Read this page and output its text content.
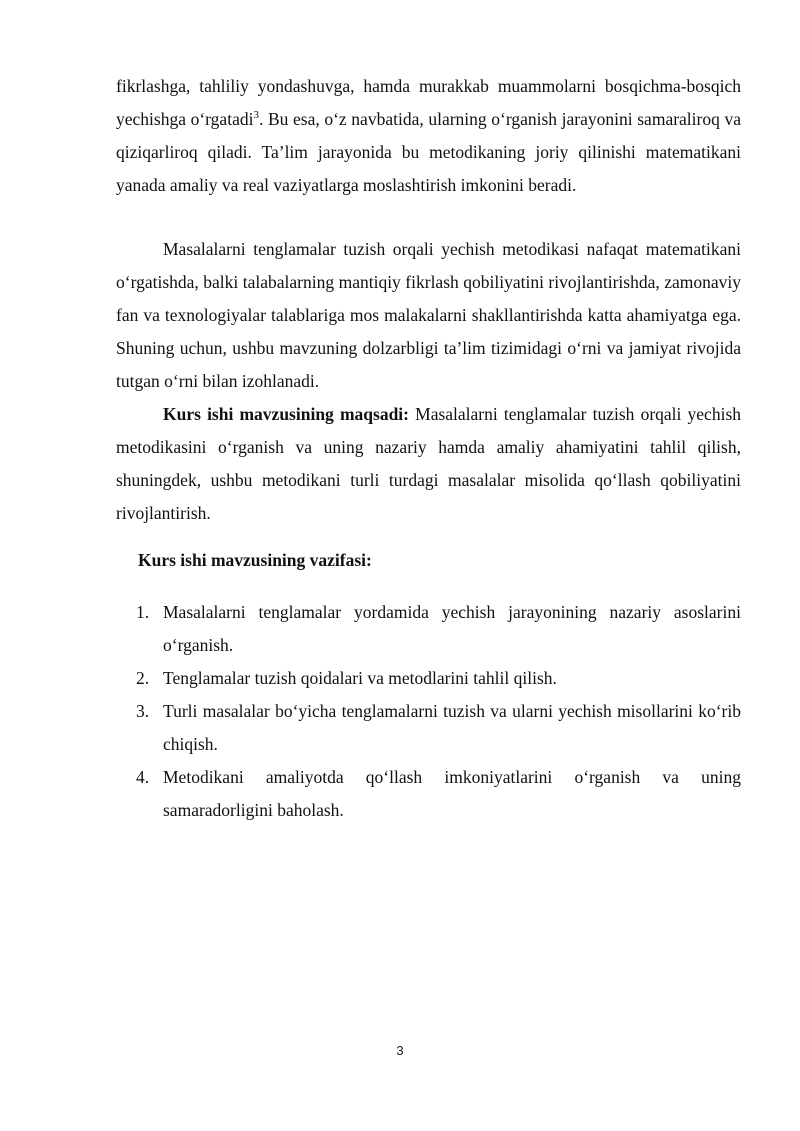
fikrlashga, tahliliy yondashuvga, hamda murakkab muammolarni bosqichma-bosqich yechishga o‘rgatadi$^3$. Bu esa, o‘z navbatida, ularning o‘rganish jarayonini samaraliroq va qiziqarliroq qiladi. Ta’lim jarayonida bu metodikaning joriy qilinishi matematikani yanada amaliy va real vaziyatlarga moslashtirish imkonini beradi.

Masalalarni tenglamalar tuzish orqali yechish metodikasi nafaqat matematikani o‘rgatishda, balki talabalarning mantiqiy fikrlash qobiliyatini rivojlantirishda, zamonaviy fan va texnologiyalar talablariga mos malakalarni shakllantirishda katta ahamiyatga ega. Shuning uchun, ushbu mavzuning dolzarbligi ta’lim tizimidagi o‘rni va jamiyat rivojida tutgan o‘rni bilan izohlanadi.

Kurs ishi mavzusining maqsadi: Masalalarni tenglamalar tuzish orqali yechish metodikasini o‘rganish va uning nazariy hamda amaliy ahamiyatini tahlil qilish, shuningdek, ushbu metodikani turli turdagi masalalar misolida qo‘llash qobiliyatini rivojlantirish.

Kurs ishi mavzusining vazifasi:

1. Masalalarni tenglamalar yordamida yechish jarayonining nazariy asoslarini o‘rganish.
2. Tenglamalar tuzish qoidalari va metodlarini tahlil qilish.
3. Turli masalalar bo‘yicha tenglamalarni tuzish va ularni yechish misollarini ko‘rib chiqish.
4. Metodikani amaliyotda qo‘llash imkoniyatlarini o‘rganish va uning samaradorligini baholash.
3
